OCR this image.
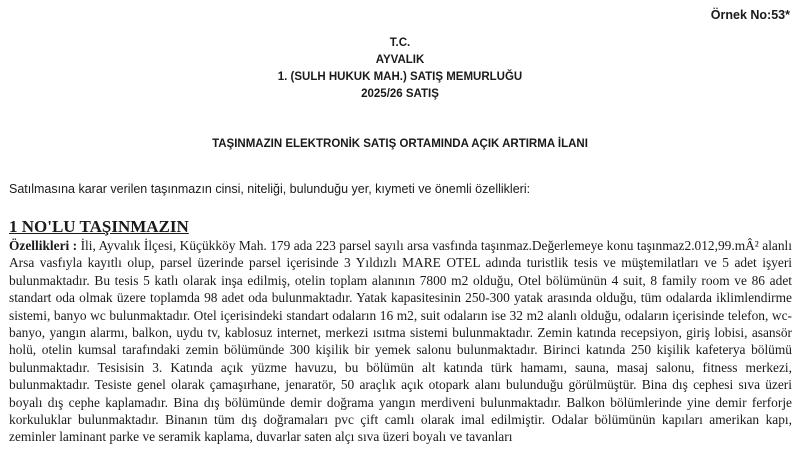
Örnek No:53*
T.C.
AYVALIK
1. (SULH HUKUK MAH.) SATIŞ MEMURLUĞU
2025/26 SATIŞ
TAŞINMAZIN ELEKTRONİK SATIŞ ORTAMINDA AÇIK ARTIRMA İLANI
Satılmasına karar verilen taşınmazın cinsi, niteliği, bulunduğu yer, kıymeti ve önemli özellikleri:
1 NO'LU TAŞINMAZIN

Özellikleri : İli, Ayvalık İlçesi, Küçükköy Mah. 179 ada 223 parsel sayılı arsa vasfında taşınmaz.Değerlemeye konu taşınmaz2.012,99.mÂ² alanlı Arsa vasfıyla kayıtlı olup, parsel üzerinde parsel içerisinde 3 Yıldızlı MARE OTEL adında turistlik tesis ve müştemilatları ve 5 adet işyeri bulunmaktadır. Bu tesis 5 katlı olarak inşa edilmiş, otelin toplam alanının 7800 m2 olduğu, Otel bölümünün 4 suit, 8 family room ve 86 adet standart oda olmak üzere toplamda 98 adet oda bulunmaktadır. Yatak kapasitesinin 250-300 yatak arasında olduğu, tüm odalarda iklimlendirme sistemi, banyo wc bulunmaktadır. Otel içerisindeki standart odaların 16 m2, suit odaların ise 32 m2 alanlı olduğu, odaların içerisinde telefon, wc-banyo, yangın alarmı, balkon, uydu tv, kablosuz internet, merkezi ısıtma sistemi bulunmaktadır. Zemin katında recepsiyon, giriş lobisi, asansör holü, otelin kumsal tarafındaki zemin bölümünde 300 kişilik bir yemek salonu bulunmaktadır. Birinci katında 250 kişilik kafeterya bölümü bulunmaktadır. Tesisisin 3. Katında açık yüzme havuzu, bu bölümün alt katında türk hamamı, sauna, masaj salonu, fitness merkezi, bulunmaktadır. Tesiste genel olarak çamaşırhane, jenaratör, 50 araçlık açık otopark alanı bulunduğu görülmüştür. Bina dış cephesi sıva üzeri boyalı dış cephe kaplamadır. Bina dış bölümünde demir doğrama yangın merdiveni bulunmaktadır. Balkon bölümlerinde yine demir ferforje korkuluklar bulunmaktadır. Binanın tüm dış doğramaları pvc çift camlı olarak imal edilmiştir. Odalar bölümünün kapıları amerikan kapı, zeminler laminant parke ve seramik kaplama, duvarlar saten alçı sıva üzeri boyalı ve tavanları
